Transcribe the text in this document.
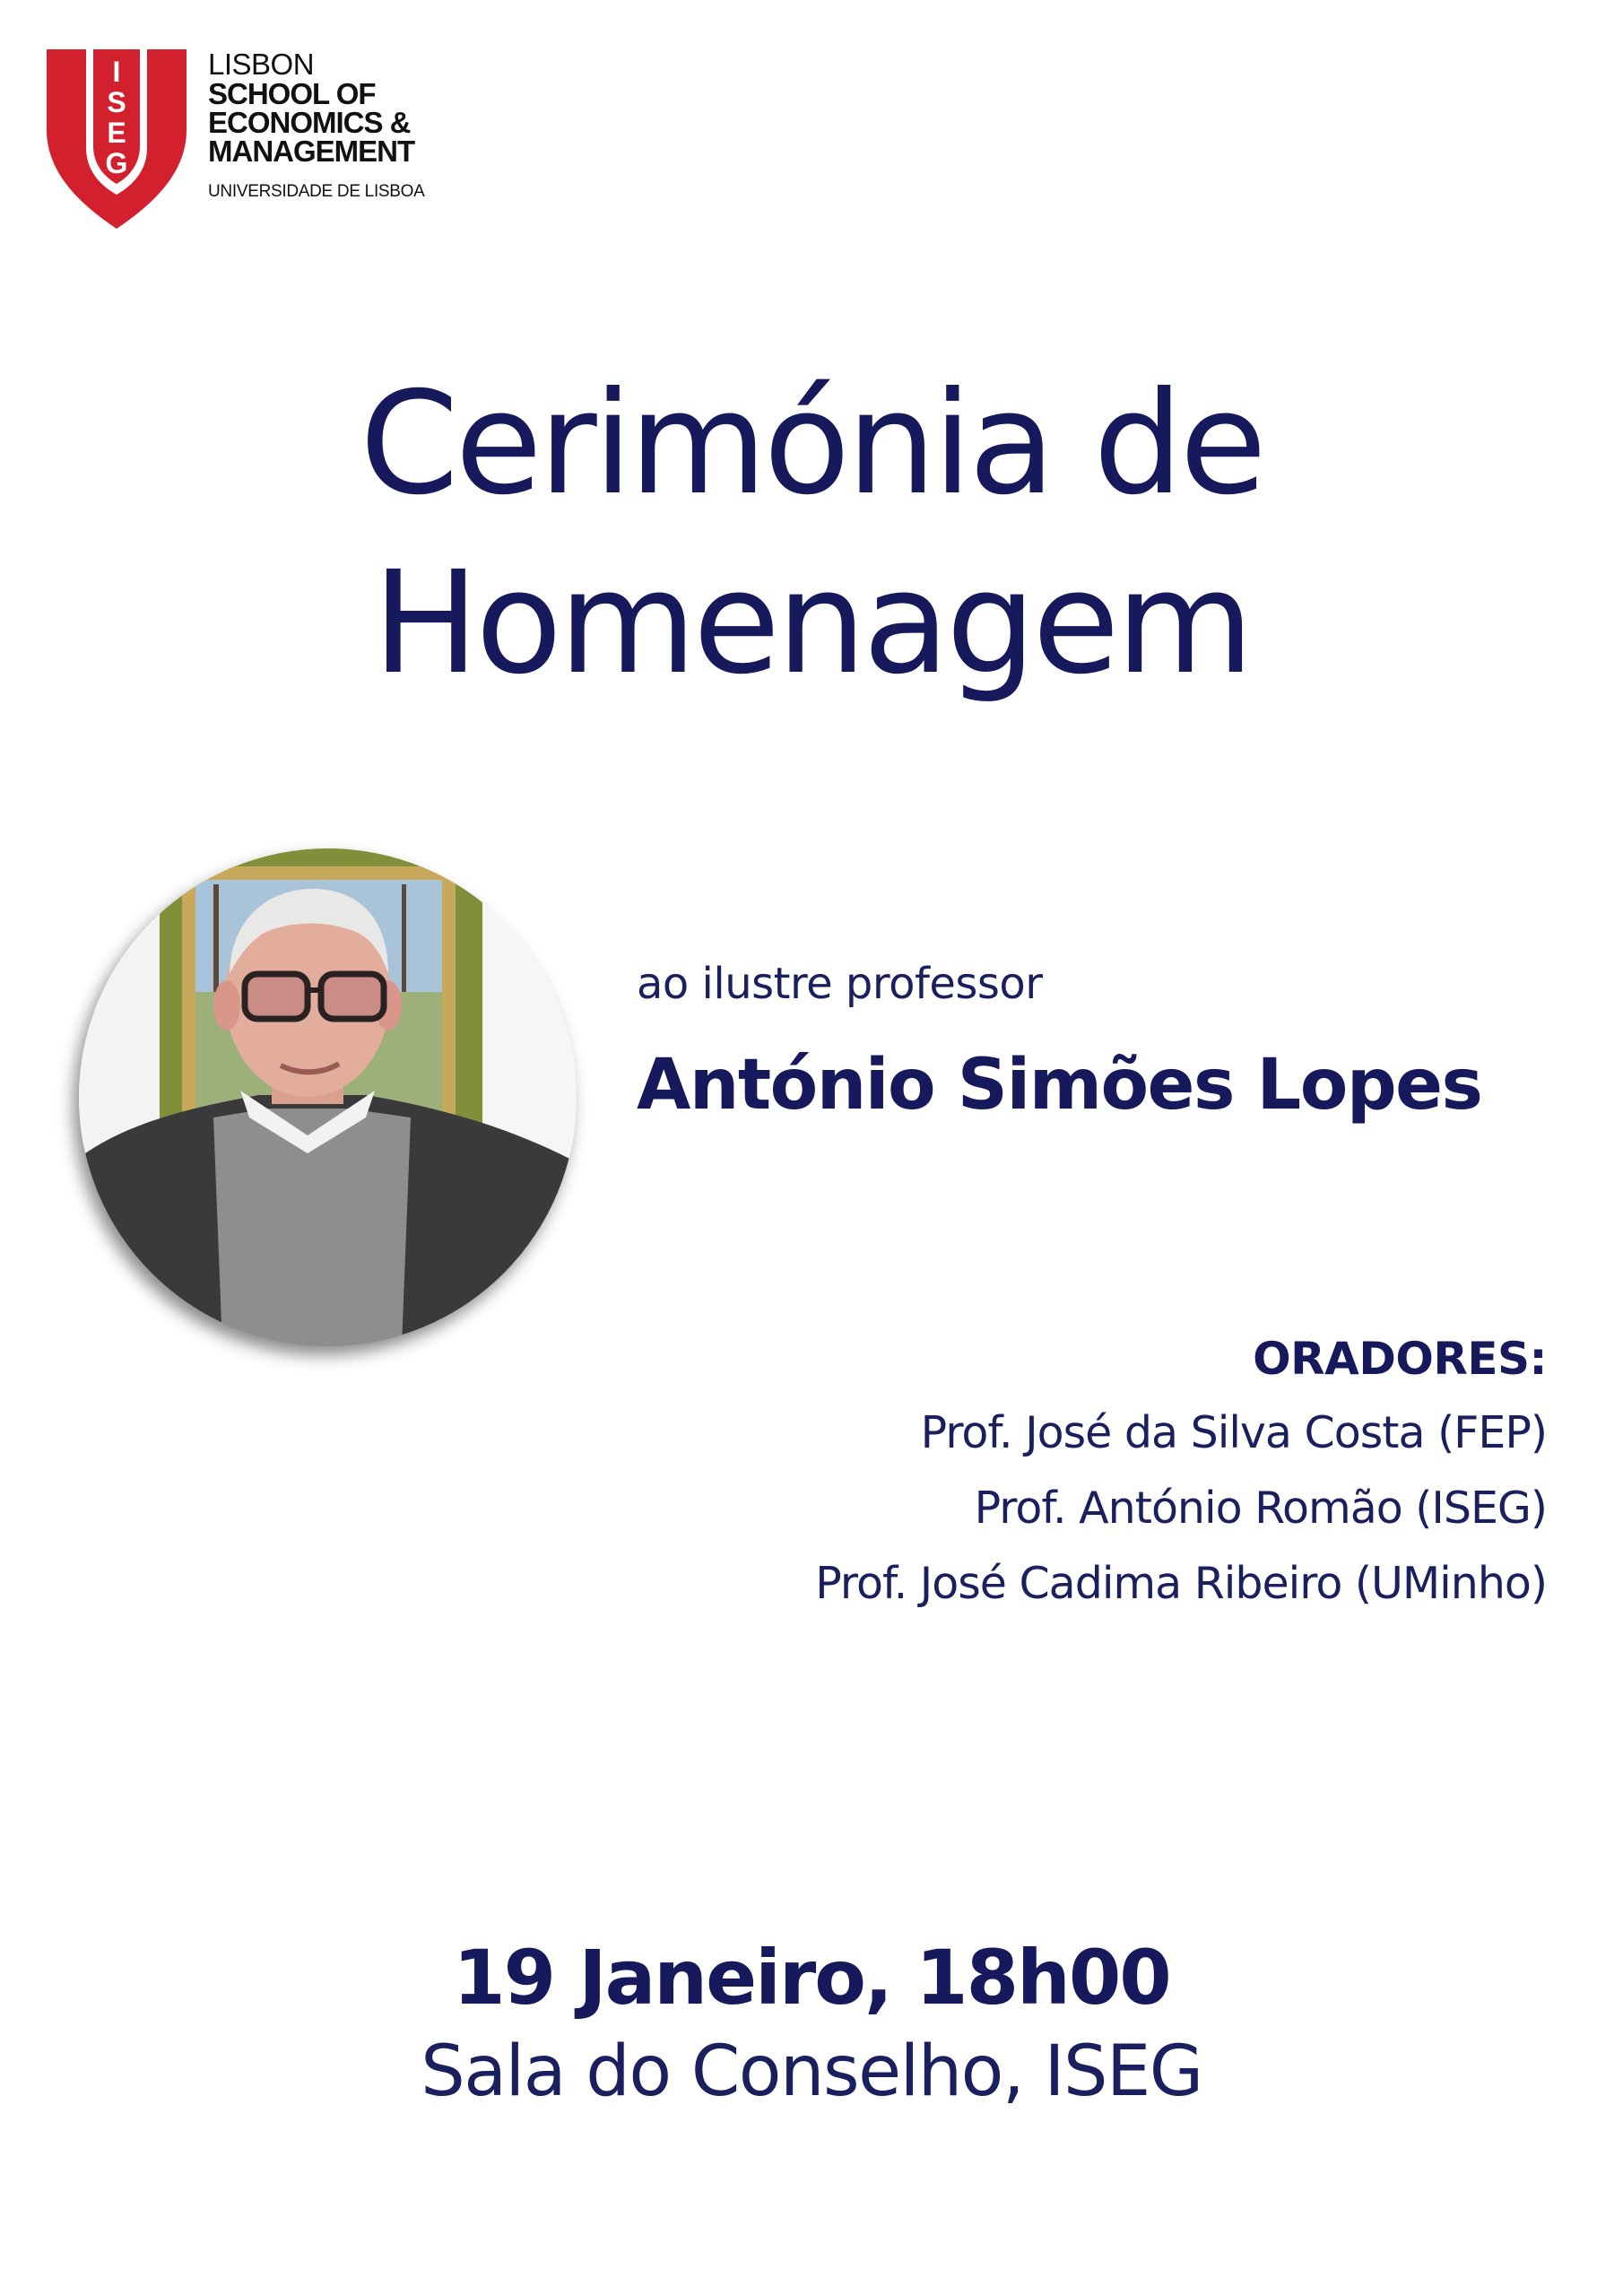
I
S
E
G
LISBON
SCHOOL OF
ECONOMICS &
MANAGEMENT
UNIVERSIDADE DE LISBOA
Cerimónia de
Homenagem
ao ilustre professor
António Simões Lopes
ORADORES:
Prof. José da Silva Costa (FEP)
Prof. António Romão (ISEG)
Prof. José Cadima Ribeiro (UMinho)
19 Janeiro, 18h00
Sala do Conselho, ISEG
